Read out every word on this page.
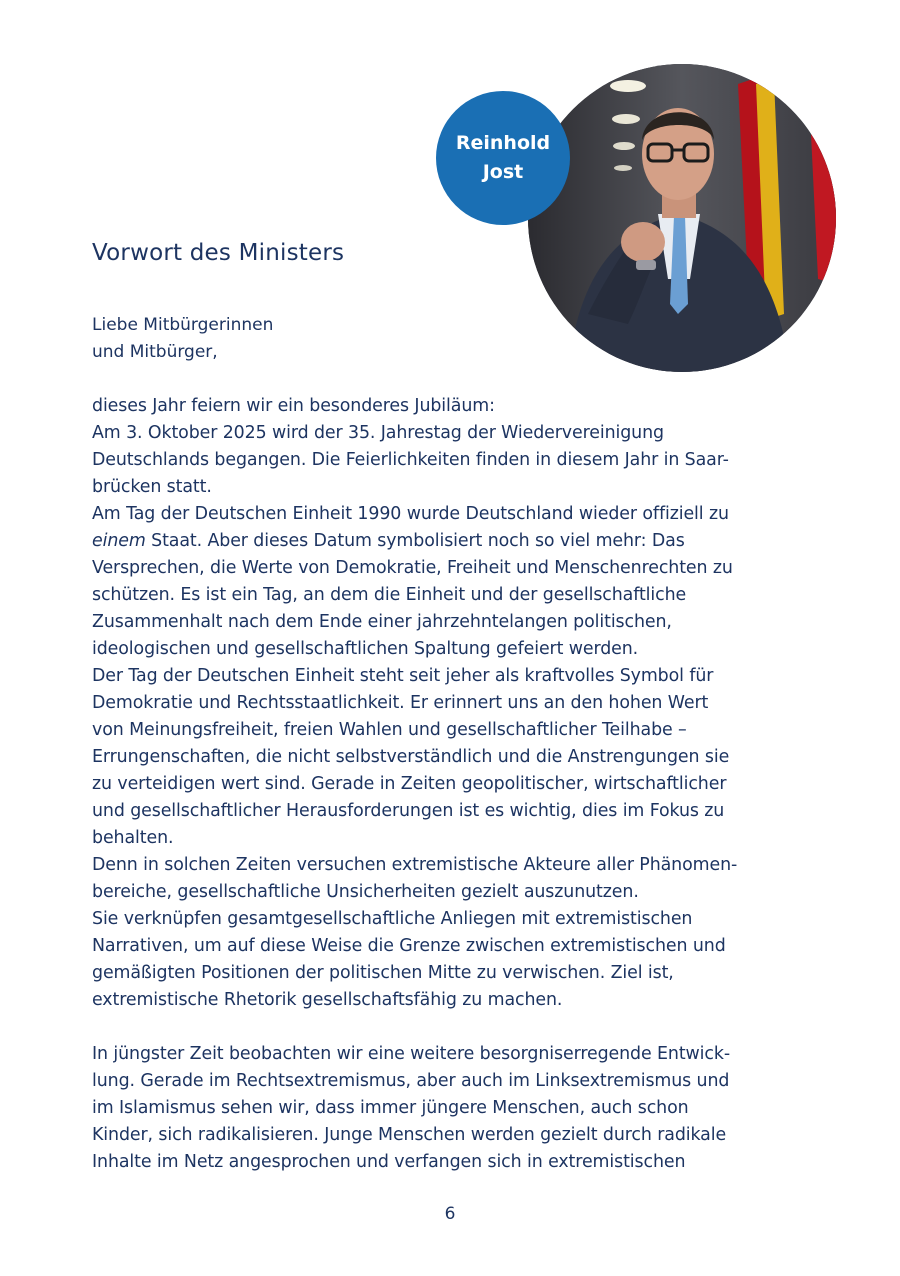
Reinhold
Jost
Vorwort des Ministers
Liebe Mitbürgerinnen
und Mitbürger,
dieses Jahr feiern wir ein besonderes Jubiläum:
Am 3. Oktober 2025 wird der 35. Jahrestag der Wiedervereinigung
Deutschlands begangen. Die Feierlichkeiten finden in diesem Jahr in Saar-
brücken statt.
Am Tag der Deutschen Einheit 1990 wurde Deutschland wieder offiziell zu
einem Staat. Aber dieses Datum symbolisiert noch so viel mehr: Das
Versprechen, die Werte von Demokratie, Freiheit und Menschenrechten zu
schützen. Es ist ein Tag, an dem die Einheit und der gesellschaftliche
Zusammenhalt nach dem Ende einer jahrzehntelangen politischen,
ideologischen und gesellschaftlichen Spaltung gefeiert werden.
Der Tag der Deutschen Einheit steht seit jeher als kraftvolles Symbol für
Demokratie und Rechtsstaatlichkeit. Er erinnert uns an den hohen Wert
von Meinungsfreiheit, freien Wahlen und gesellschaftlicher Teilhabe –
Errungenschaften, die nicht selbstverständlich und die Anstrengungen sie
zu verteidigen wert sind. Gerade in Zeiten geopolitischer, wirtschaftlicher
und gesellschaftlicher Herausforderungen ist es wichtig, dies im Fokus zu
behalten.
Denn in solchen Zeiten versuchen extremistische Akteure aller Phänomen-
bereiche, gesellschaftliche Unsicherheiten gezielt auszunutzen.
Sie verknüpfen gesamtgesellschaftliche Anliegen mit extremistischen
Narrativen, um auf diese Weise die Grenze zwischen extremistischen und
gemäßigten Positionen der politischen Mitte zu verwischen. Ziel ist,
extremistische Rhetorik gesellschaftsfähig zu machen.
In jüngster Zeit beobachten wir eine weitere besorgniserregende Entwick-
lung. Gerade im Rechtsextremismus, aber auch im Linksextremismus und
im Islamismus sehen wir, dass immer jüngere Menschen, auch schon
Kinder, sich radikalisieren. Junge Menschen werden gezielt durch radikale
Inhalte im Netz angesprochen und verfangen sich in extremistischen
6
